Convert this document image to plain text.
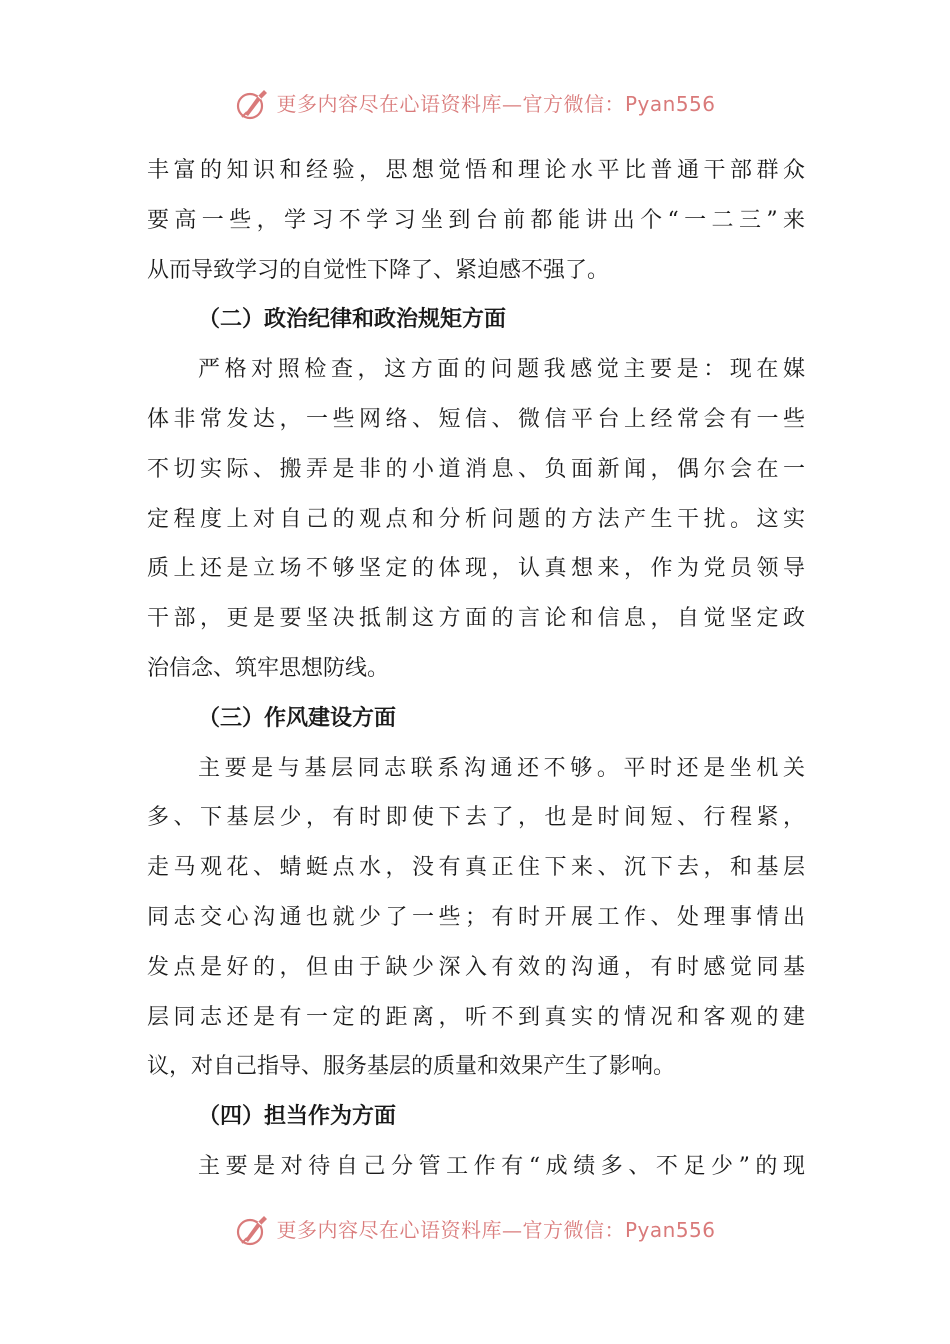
更多内容尽在心语资料库—官方微信：Pyan556
丰富的知识和经验，思想觉悟和理论水平比普通干部群众
要高一些，学习不学习坐到台前都能讲出个“一二三”来
从而导致学习的自觉性下降了、紧迫感不强了。
（二）政治纪律和政治规矩方面
严格对照检查，这方面的问题我感觉主要是：现在媒
体非常发达，一些网络、短信、微信平台上经常会有一些
不切实际、搬弄是非的小道消息、负面新闻，偶尔会在一
定程度上对自己的观点和分析问题的方法产生干扰。这实
质上还是立场不够坚定的体现，认真想来，作为党员领导
干部，更是要坚决抵制这方面的言论和信息，自觉坚定政
治信念、筑牢思想防线。
（三）作风建设方面
主要是与基层同志联系沟通还不够。平时还是坐机关
多、下基层少，有时即使下去了，也是时间短、行程紧，
走马观花、蜻蜓点水，没有真正住下来、沉下去，和基层
同志交心沟通也就少了一些；有时开展工作、处理事情出
发点是好的，但由于缺少深入有效的沟通，有时感觉同基
层同志还是有一定的距离，听不到真实的情况和客观的建
议，对自己指导、服务基层的质量和效果产生了影响。
（四）担当作为方面
主要是对待自己分管工作有“成绩多、不足少”的现
更多内容尽在心语资料库—官方微信：Pyan556
